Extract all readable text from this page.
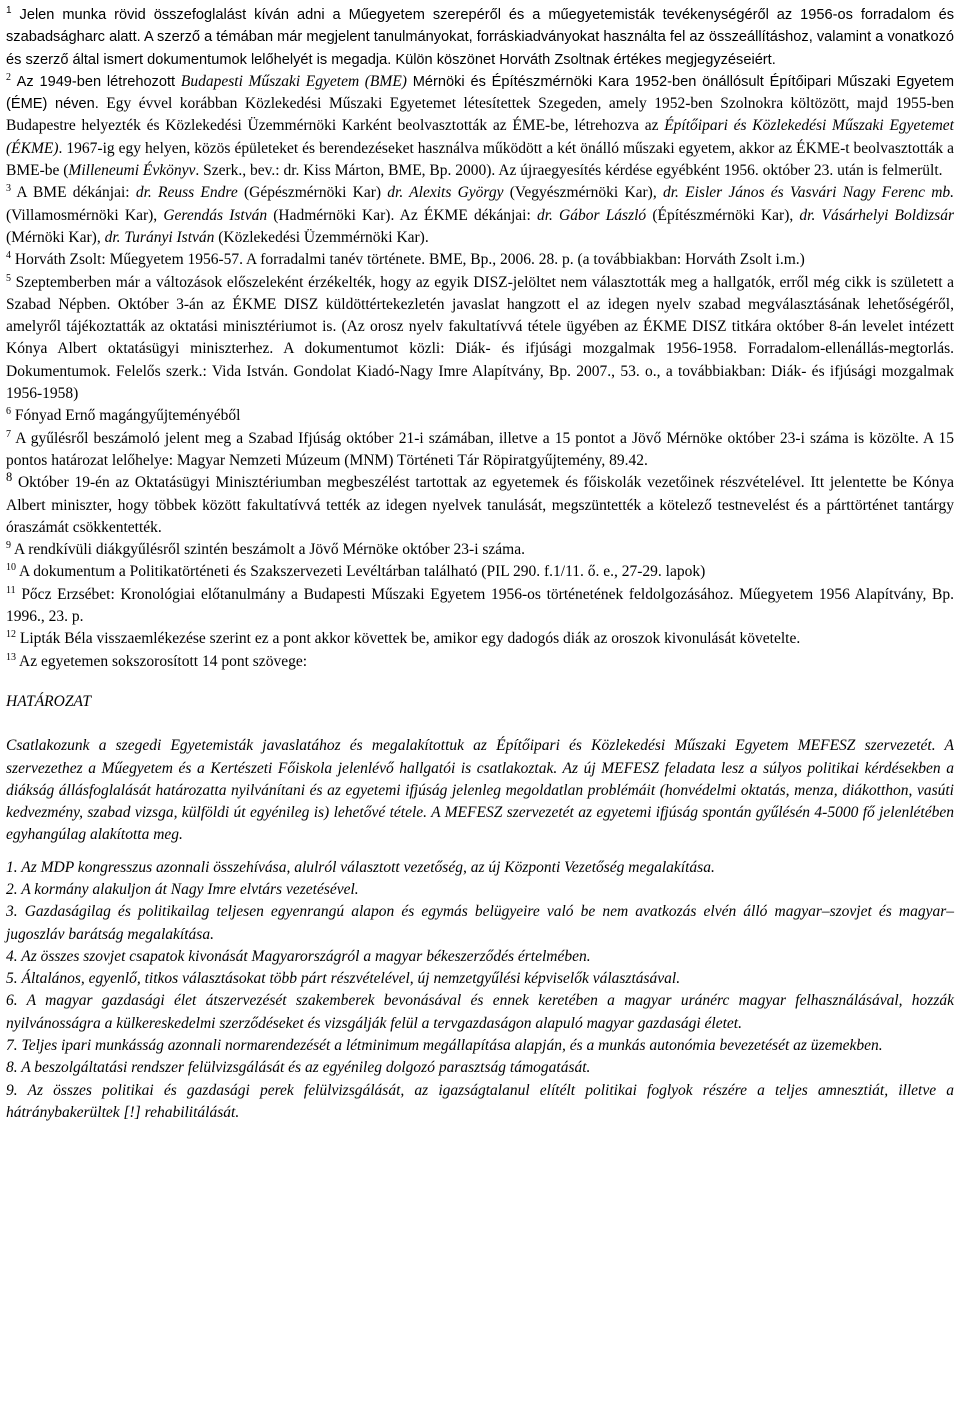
$^1$ Jelen munka rövid összefoglalást kíván adni a Műegyetem szerepéről és a műegyetemisták tevékenységéről az 1956-os forradalom és szabadságharc alatt. A szerző a témában már megjelent tanulmányokat, forráskiadványokat használta fel az összeállításhoz, valamint a vonatkozó és szerző által ismert dokumentumok lelőhelyét is megadja. Külön köszönet Horváth Zsoltnak értékes megjegyzéseiért.

$^2$ Az 1949-ben létrehozott Budapesti Műszaki Egyetem (BME) Mérnöki és Építészmérnöki Kara 1952-ben önállósult Építőipari Műszaki Egyetem (ÉME) néven. Egy évvel korábban Közlekedési Műszaki Egyetemet létesítettek Szegeden, amely 1952-ben Szolnokra költözött, majd 1955-ben Budapestre helyezték és Közlekedési Üzemmérnöki Karként beolvasztották az ÉME-be, létrehozva az Építőipari és Közlekedési Műszaki Egyetemet (ÉKME). 1967-ig egy helyen, közös épületeket és berendezéseket használva működött a két önálló műszaki egyetem, akkor az ÉKME-t beolvasztották a BME-be (Milleneumi Évkönyv. Szerk., bev.: dr. Kiss Márton, BME, Bp. 2000). Az újraegyesítés kérdése egyébként 1956. október 23. után is felmerült.

$^3$ A BME dékánjai: dr. Reuss Endre (Gépészmérnöki Kar) dr. Alexits György (Vegyészmérnöki Kar), dr. Eisler János és Vasvári Nagy Ferenc mb. (Villamosmérnöki Kar), Gerendás István (Hadmérnöki Kar). Az ÉKME dékánjai: dr. Gábor László (Építészmérnöki Kar), dr. Vásárhelyi Boldizsár (Mérnöki Kar), dr. Turányi István (Közlekedési Üzemmérnöki Kar).

$^4$ Horváth Zsolt: Műegyetem 1956-57. A forradalmi tanév története. BME, Bp., 2006. 28. p. (a továbbiakban: Horváth Zsolt i.m.)

$^5$ Szeptemberben már a változások előszeleként érzékelték, hogy az egyik DISZ-jelöltet nem választották meg a hallgatók, erről még cikk is született a Szabad Népben. Október 3-án az ÉKME DISZ küldöttértekezletén javaslat hangzott el az idegen nyelv szabad megválasztásának lehetőségéről, amelyről tájékoztatták az oktatási minisztériumot is. (Az orosz nyelv fakultatívvá tétele ügyében az ÉKME DISZ titkára október 8-án levelet intézett Kónya Albert oktatásügyi miniszterhez. A dokumentumot közli: Diák- és ifjúsági mozgalmak 1956-1958. Forradalom-ellenállás-megtorlás. Dokumentumok. Felelős szerk.: Vida István. Gondolat Kiadó-Nagy Imre Alapítvány, Bp. 2007., 53. o., a továbbiakban: Diák- és ifjúsági mozgalmak 1956-1958)

$^6$ Fónyad Ernő magángyűjteményéből

$^7$ A gyűlésről beszámoló jelent meg a Szabad Ifjúság október 21-i számában, illetve a 15 pontot a Jövő Mérnöke október 23-i száma is közölte. A 15 pontos határozat lelőhelye: Magyar Nemzeti Múzeum (MNM) Történeti Tár Röpiratgyűjtemény, 89.42.

$^8$ Október 19-én az Oktatásügyi Minisztériumban megbeszélést tartottak az egyetemek és főiskolák vezetőinek részvételével. Itt jelentette be Kónya Albert miniszter, hogy többek között fakultatívvá tették az idegen nyelvek tanulását, megszüntették a kötelező testnevelést és a párttörténet tantárgy óraszámát csökkentették.

$^9$ A rendkívüli diákgyűlésről szintén beszámolt a Jövő Mérnöke október 23-i száma.

$^{10}$ A dokumentum a Politikatörténeti és Szakszervezeti Levéltárban található (PIL 290. f.1/11. ő. e., 27-29. lapok)

$^{11}$ Pőcz Erzsébet: Kronológiai előtanulmány a Budapesti Műszaki Egyetem 1956-os történetének feldolgozásához. Műegyetem 1956 Alapítvány, Bp. 1996., 23. p.

$^{12}$ Lipták Béla visszaemlékezése szerint ez a pont akkor követtek be, amikor egy dadogós diák az oroszok kivonulását követelte.

$^{13}$ Az egyetemen sokszorosított 14 pont szövege:

HATÁROZAT

Csatlakozunk a szegedi Egyetemisták javaslatához és megalakítottuk az Építőipari és Közlekedési Műszaki Egyetem MEFESZ szervezetét. A szervezethez a Műegyetem és a Kertészeti Főiskola jelenlévő hallgatói is csatlakoztak. Az új MEFESZ feladata lesz a súlyos politikai kérdésekben a diákság állásfoglalását határozatta nyilvánítani és az egyetemi ifjúság jelenleg megoldatlan problémáit (honvédelmi oktatás, menza, diákotthon, vasúti kedvezmény, szabad vizsga, külföldi út egyénileg is) lehetővé tétele. A MEFESZ szervezetét az egyetemi ifjúság spontán gyűlésén 4-5000 fő jelenlétében egyhangúlag alakította meg.

1. Az MDP kongresszus azonnali összehívása, alulról választott vezetőség, az új Központi Vezetőség megalakítása.
2. A kormány alakuljon át Nagy Imre elvtárs vezetésével.
3. Gazdaságilag és politikailag teljesen egyenrangú alapon és egymás belügyeire való be nem avatkozás elvén álló magyar–szovjet és magyar–jugoszláv barátság megalakítása.
4. Az összes szovjet csapatok kivonását Magyarországról a magyar békeszerződés értelmében.
5. Általános, egyenlő, titkos választásokat több párt részvételével, új nemzetgyűlési képviselők választásával.
6. A magyar gazdasági élet átszervezését szakemberek bevonásával és ennek keretében a magyar uránérc magyar felhasználásával, hozzák nyilvánosságra a külkereskedelmi szerződéseket és vizsgálják felül a tervgazdaságon alapuló magyar gazdasági életet.
7. Teljes ipari munkásság azonnali normarendezését a létminimum megállapítása alapján, és a munkás autonómia bevezetését az üzemekben.
8. A beszolgáltatási rendszer felülvizsgálását és az egyénileg dolgozó parasztság támogatását.
9. Az összes politikai és gazdasági perek felülvizsgálását, az igazságtalanul elítélt politikai foglyok részére a teljes amnesztiát, illetve a hátránybakerültek [!] rehabilitálását.
